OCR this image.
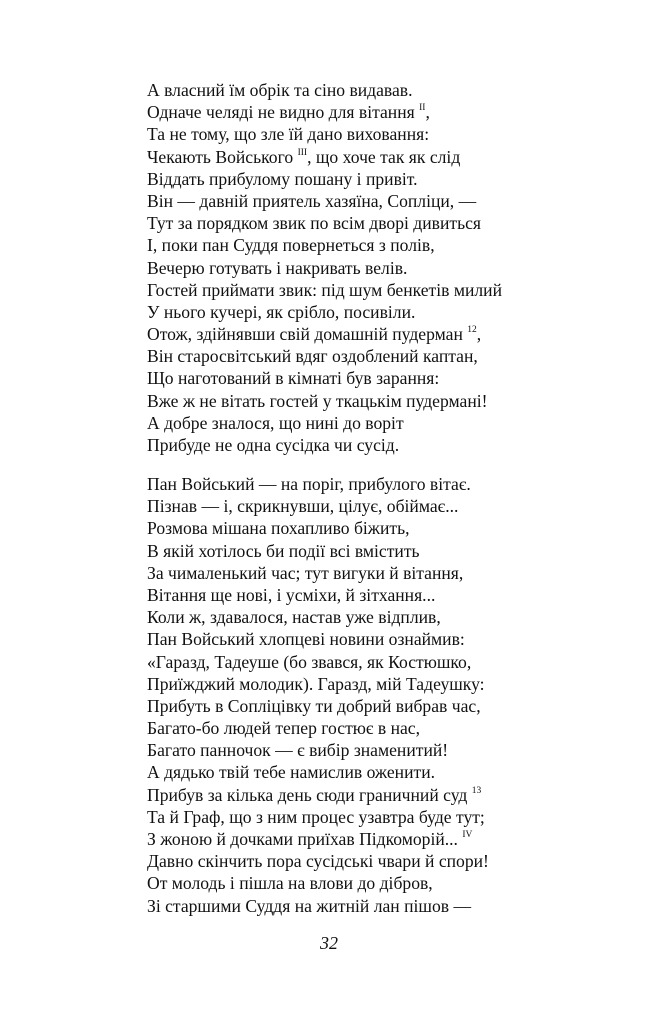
А власний їм обрік та сіно видавав.
Одначе челяді не видно для вітання $^{II}$,
Та не тому, що зле їй дано виховання:
Чекають Войського $^{III}$, що хоче так як слід
Віддать прибулому пошану і привіт.
Він — давній приятель хазяїна, Сопліци, —
Тут за порядком звик по всім дворі дивиться
І, поки пан Суддя повернеться з полів,
Вечерю готувать і накривать велів.
Гостей приймати звик: під шум бенкетів милий
У нього кучері, як срібло, посивіли.
Отож, здійнявши свій домашній пудерман $^{12}$,
Він старосвітський вдяг оздоблений каптан,
Що наготований в кімнаті був зарання:
Вже ж не вітать гостей у ткацькім пудермані!
А добре зналося, що нині до воріт
Прибуде не одна сусідка чи сусід.
Пан Войський — на поріг, прибулого вітає.
Пізнав — і, скрикнувши, цілує, обіймає...
Розмова мішана похапливо біжить,
В якій хотілось би події всі вмістить
За чималенький час; тут вигуки й вітання,
Вітання ще нові, і усміхи, й зітхання...
Коли ж, здавалося, настав уже відплив,
Пан Войський хлопцеві новини ознаймив:
«Гаразд, Тадеуше (бо звався, як Костюшко,
Приїжджий молодик). Гаразд, мій Тадеушку:
Прибуть в Сопліцівку ти добрий вибрав час,
Багато-бо людей тепер гостює в нас,
Багато панночок — є вибір знаменитий!
А дядько твій тебе намислив оженити.
Прибув за кілька день сюди граничний суд $^{13}$
Та й Граф, що з ним процес узавтра буде тут;
З жоною й дочками приїхав Підкоморій... $^{IV}$
Давно скінчить пора сусідські чвари й спори!
От молодь і пішла на влови до дібров,
Зі старшими Суддя на житній лан пішов —
32
